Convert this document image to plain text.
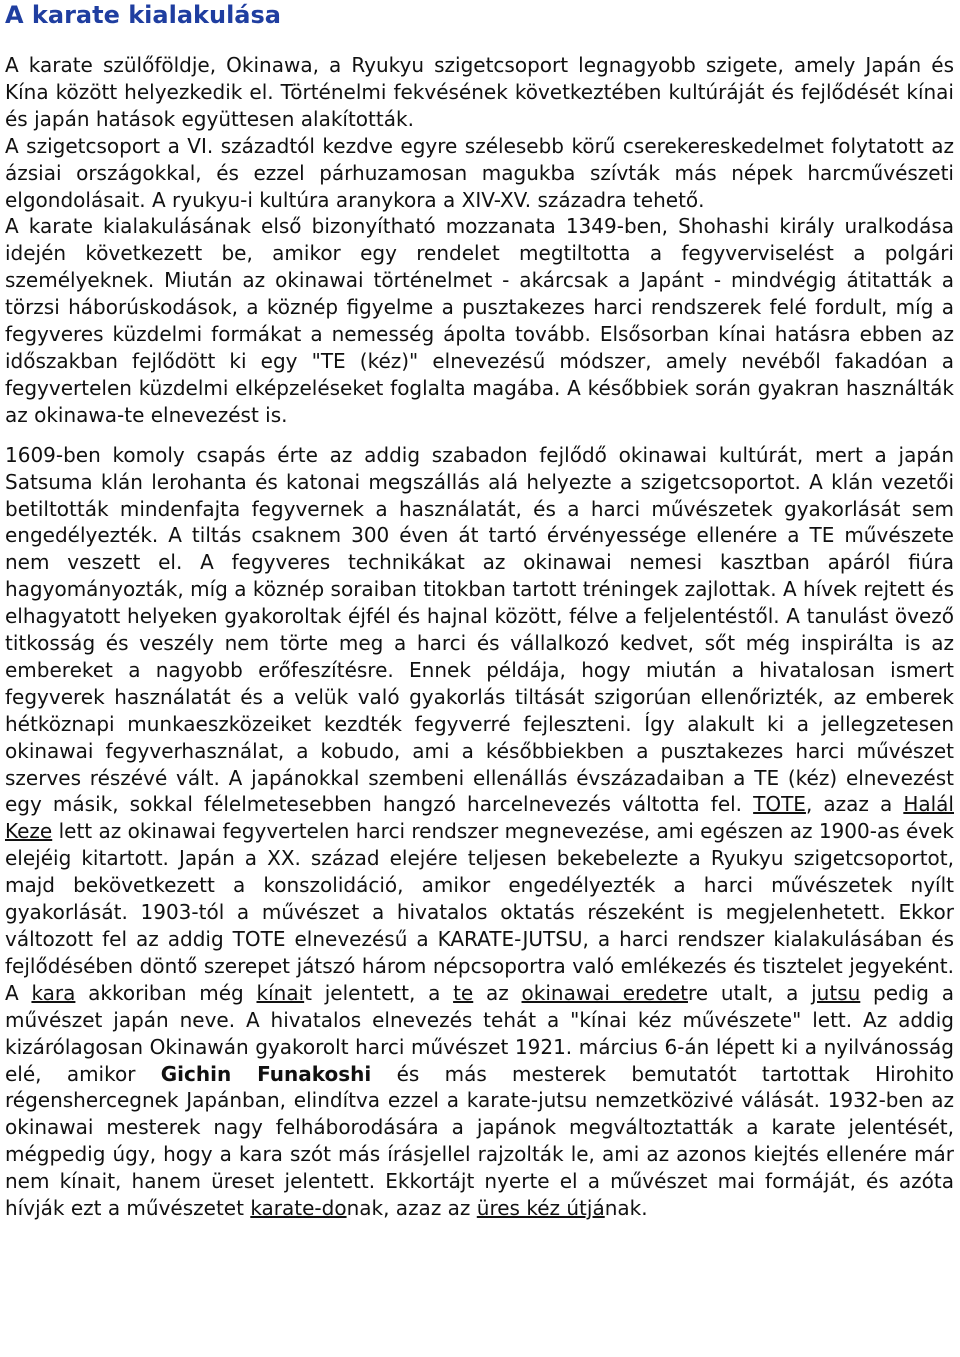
A karate kialakulása

A karate szülőföldje, Okinawa, a Ryukyu szigetcsoport legnagyobb szigete, amely Japán és Kína között helyezkedik el. Történelmi fekvésének következtében kultúráját és fejlődését kínai és japán hatások együttesen alakították.
A szigetcsoport a VI. századtól kezdve egyre szélesebb körű cserekereskedelmet folytatott az ázsiai országokkal, és ezzel párhuzamosan magukba szívták más népek harcművészeti elgondolásait. A ryukyu-i kultúra aranykora a XIV-XV. századra tehető.
A karate kialakulásának első bizonyítható mozzanata 1349-ben, Shohashi király uralkodása idején következett be, amikor egy rendelet megtiltotta a fegyverviselést a polgári személyeknek. Miután az okinawai történelmet - akárcsak a Japánt - mindvégig átitatták a törzsi háborúskodások, a köznép figyelme a pusztakezes harci rendszerek felé fordult, míg a fegyveres küzdelmi formákat a nemesség ápolta tovább. Elsősorban kínai hatásra ebben az időszakban fejlődött ki egy "TE (kéz)" elnevezésű módszer, amely nevéből fakadóan a fegyvertelen küzdelmi elképzeléseket foglalta magába. A későbbiek során gyakran használták az okinawa-te elnevezést is.

1609-ben komoly csapás érte az addig szabadon fejlődő okinawai kultúrát, mert a japán Satsuma klán lerohanta és katonai megszállás alá helyezte a szigetcsoportot. A klán vezetői betiltották mindenfajta fegyvernek a használatát, és a harci művészetek gyakorlását sem engedélyezték. A tiltás csaknem 300 éven át tartó érvényessége ellenére a TE művészete nem veszett el. A fegyveres technikákat az okinawai nemesi kasztban apáról fiúra hagyományozták, míg a köznép soraiban titokban tartott tréningek zajlottak. A hívek rejtett és elhagyatott helyeken gyakoroltak éjfél és hajnal között, félve a feljelentéstől. A tanulást övező titkosság és veszély nem törte meg a harci és vállalkozó kedvet, sőt még inspirálta is az embereket a nagyobb erőfeszítésre. Ennek példája, hogy miután a hivatalosan ismert fegyverek használatát és a velük való gyakorlás tiltását szigorúan ellenőrizték, az emberek hétköznapi munkaeszközeiket kezdték fegyverré fejleszteni. Így alakult ki a jellegzetesen okinawai fegyverhasználat, a kobudo, ami a későbbiekben a pusztakezes harci művészet szerves részévé vált. A japánokkal szembeni ellenállás évszázadaiban a TE (kéz) elnevezést egy másik, sokkal félelmetesebben hangzó harcelnevezés váltotta fel. TOTE, azaz a Halál Keze lett az okinawai fegyvertelen harci rendszer megnevezése, ami egészen az 1900-as évek elejéig kitartott. Japán a XX. század elejére teljesen bekebelezte a Ryukyu szigetcsoportot, majd bekövetkezett a konszolidáció, amikor engedélyezték a harci művészetek nyílt gyakorlását. 1903-tól a művészet a hivatalos oktatás részeként is megjelenhetett. Ekkor változott fel az addig TOTE elnevezésű a KARATE-JUTSU, a harci rendszer kialakulásában és fejlődésében döntő szerepet játszó három népcsoportra való emlékezés és tisztelet jegyeként. A kara akkoriban még kínait jelentett, a te az okinawai eredetre utalt, a jutsu pedig a művészet japán neve. A hivatalos elnevezés tehát a "kínai kéz művészete" lett. Az addig kizárólagosan Okinawán gyakorolt harci művészet 1921. március 6-án lépett ki a nyilvánosság elé, amikor Gichin Funakoshi és más mesterek bemutatót tartottak Hirohito régenshercegnek Japánban, elindítva ezzel a karate-jutsu nemzetközivé válását. 1932-ben az okinawai mesterek nagy felháborodására a japánok megváltoztatták a karate jelentését, mégpedig úgy, hogy a kara szót más írásjellel rajzolták le, ami az azonos kiejtés ellenére már nem kínait, hanem üreset jelentett. Ekkortájt nyerte el a művészet mai formáját, és azóta hívják ezt a művészetet karate-donak, azaz az üres kéz útjának.
